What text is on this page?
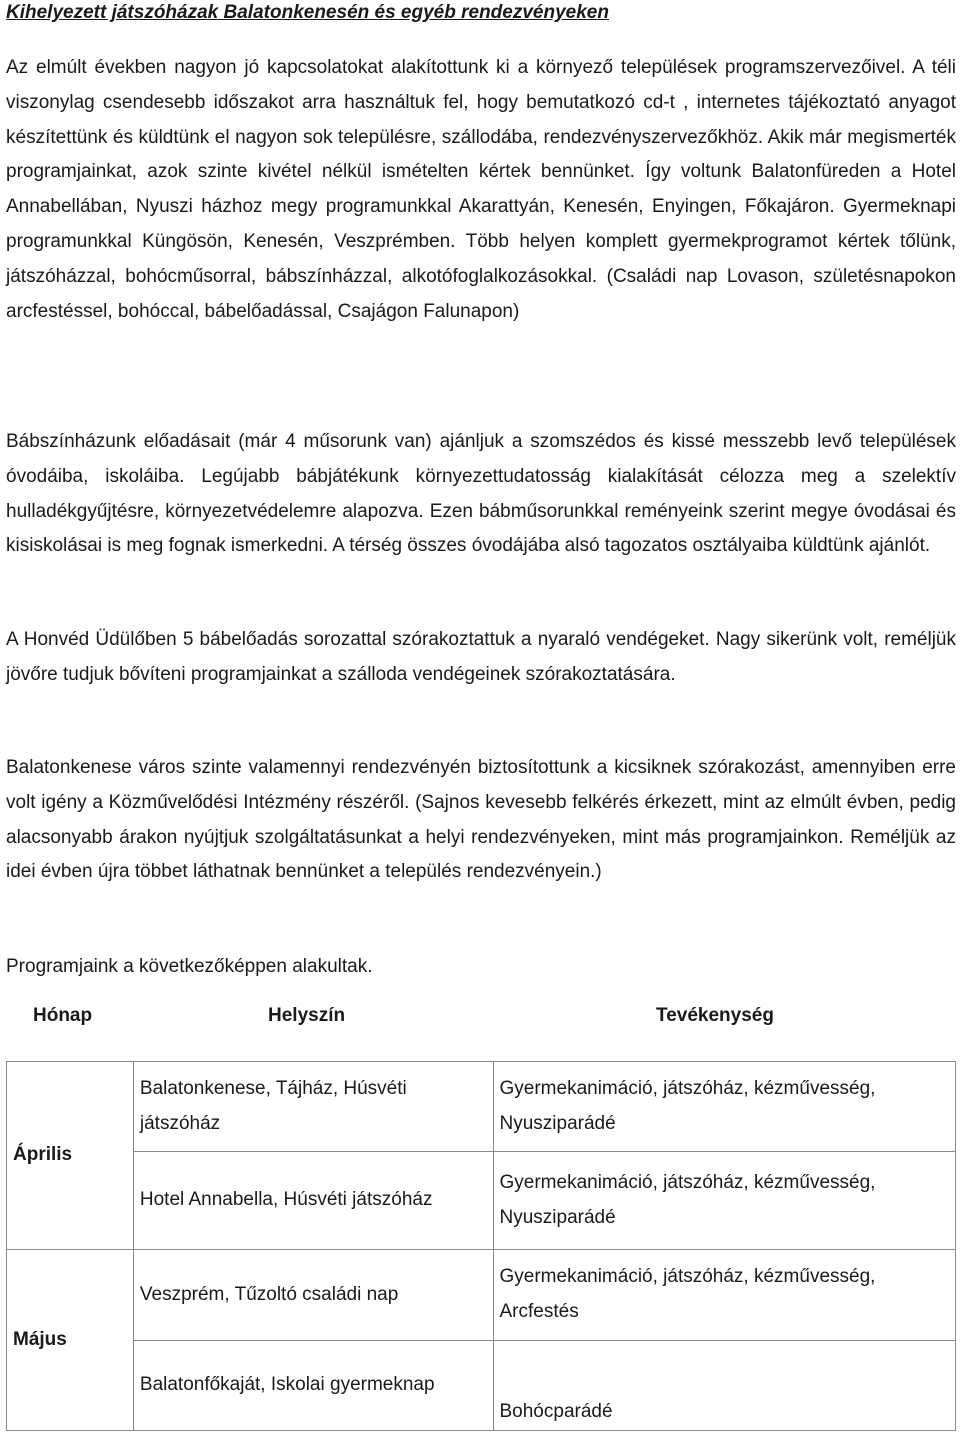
Kihelyezett játszóházak Balatonkenesén és egyéb rendezvényeken

Az elmúlt években nagyon jó kapcsolatokat alakítottunk ki a környező települések programszervezőivel. A téli viszonylag csendesebb időszakot arra használtuk fel, hogy bemutatkozó cd-t , internetes tájékoztató anyagot készítettünk és küldtünk el nagyon sok településre, szállodába, rendezvényszervezőkhöz. Akik már megismerték programjainkat, azok szinte kivétel nélkül ismételten kértek bennünket. Így voltunk Balatonfüreden a Hotel Annabellában, Nyuszi házhoz megy programunkkal Akarattyán, Kenesén, Enyingen, Főkajáron. Gyermeknapi programunkkal Küngösön, Kenesén, Veszprémben. Több helyen komplett gyermekprogramot kértek tőlünk, játszóházzal, bohócműsorral, bábszínházzal, alkotófoglalkozásokkal. (Családi nap Lovason, születésnapokon arcfestéssel, bohóccal, bábelőadással, Csajágon Falunapon)

Bábszínházunk előadásait (már 4 műsorunk van) ajánljuk a szomszédos és kissé messzebb levő települések óvodáiba, iskoláiba. Legújabb bábjátékunk környezettudatosság kialakítását célozza meg a szelektív hulladékgyűjtésre, környezetvédelemre alapozva. Ezen bábműsorunkkal reményeink szerint megye óvodásai és kisiskolásai is meg fognak ismerkedni. A térség összes óvodájába alsó tagozatos osztályaiba küldtünk ajánlót.

A Honvéd Üdülőben 5 bábelőadás sorozattal szórakoztattuk a nyaraló vendégeket. Nagy sikerünk volt, reméljük jövőre tudjuk bővíteni programjainkat a szálloda vendégeinek szórakoztatására.

Balatonkenese város szinte valamennyi rendezvényén biztosítottunk a kicsiknek szórakozást, amennyiben erre volt igény a Közművelődési Intézmény részéről. (Sajnos kevesebb felkérés érkezett, mint az elmúlt évben, pedig alacsonyabb árakon nyújtjuk szolgáltatásunkat a helyi rendezvényeken, mint más programjainkon. Reméljük az idei évben újra többet láthatnak bennünket a település rendezvényein.)

Programjaink a következőképpen alakultak.

Hónap	Helyszín	Tevékenység
Április	Balatonkenese, Tájház, Húsvéti játszóház	Gyermekanimáció, játszóház, kézművesség, Nyusziparádé
	Hotel Annabella, Húsvéti játszóház	Gyermekanimáció, játszóház, kézművesség, Nyusziparádé
Május	Veszprém, Tűzoltó családi nap	Gyermekanimáció, játszóház, kézművesség, Arcfestés
	Balatonfőkaját, Iskolai gyermeknap	Bohócparádé
